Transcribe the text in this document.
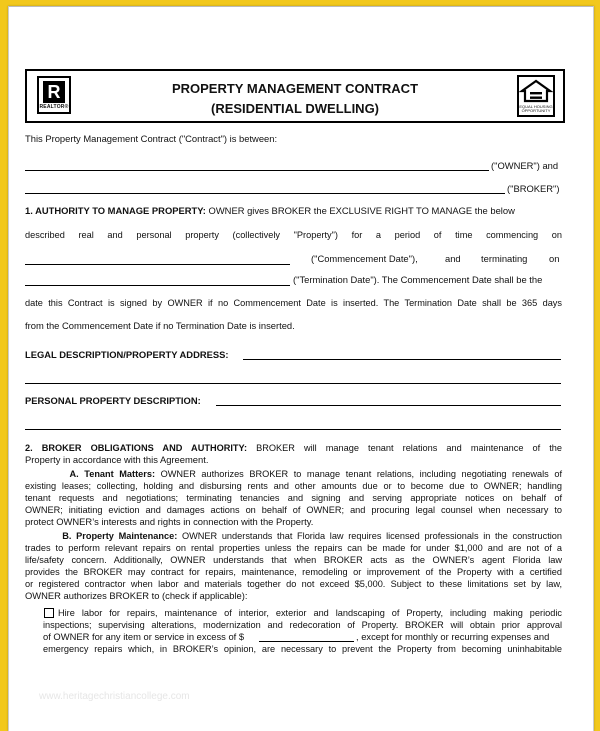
R
REALTOR®
PROPERTY MANAGEMENT CONTRACT
(RESIDENTIAL DWELLING)	EQUAL HOUSING OPPORTUNITY
This Property Management Contract ("Contract") is between:
("OWNER") and
("BROKER")
1. AUTHORITY TO MANAGE PROPERTY: OWNER gives BROKER the EXCLUSIVE RIGHT TO MANAGE the below
described real and personal property (collectively "Property") for a period of time commencing on
("Commencement Date"),	and terminating on
("Termination Date"). The Commencement Date shall be the
date this Contract is signed by OWNER if no Commencement Date is inserted. The Termination Date shall be 365 days
from the Commencement Date if no Termination Date is inserted.
LEGAL DESCRIPTION/PROPERTY ADDRESS:
PERSONAL PROPERTY DESCRIPTION:
2. BROKER OBLIGATIONS AND AUTHORITY: BROKER will manage tenant relations and maintenance of the
Property in accordance with this Agreement.
A. Tenant Matters: OWNER authorizes BROKER to manage tenant relations, including negotiating renewals of
existing leases; collecting, holding and disbursing rents and other amounts due or to become due to OWNER; handling
tenant requests and negotiations; terminating tenancies and signing and serving appropriate notices on behalf of
OWNER; initiating eviction and damages actions on behalf of OWNER; and procuring legal counsel when necessary to
protect OWNER’s interests and rights in connection with the Property.
B. Property Maintenance: OWNER understands that Florida law requires licensed professionals in the construction
trades to perform relevant repairs on rental properties unless the repairs can be made for under $1,000 and are not of a
life/safety concern. Additionally, OWNER understands that when BROKER acts as the OWNER’s agent Florida law
provides the BROKER may contract for repairs, maintenance, remodeling or improvement of the Property with a certified
or registered contractor when labor and materials together do not exceed $5,000. Subject to these limitations set by law,
OWNER authorizes BROKER to (check if applicable):
Hire labor for repairs, maintenance of interior, exterior and landscaping of Property, including making periodic
inspections; supervising alterations, modernization and redecoration of Property. BROKER will obtain prior approval
of OWNER for any item or service in excess of $	, except for monthly or recurring expenses and
emergency repairs which, in BROKER’s opinion, are necessary to prevent the Property from becoming uninhabitable
www.heritagechristiancollege.com
